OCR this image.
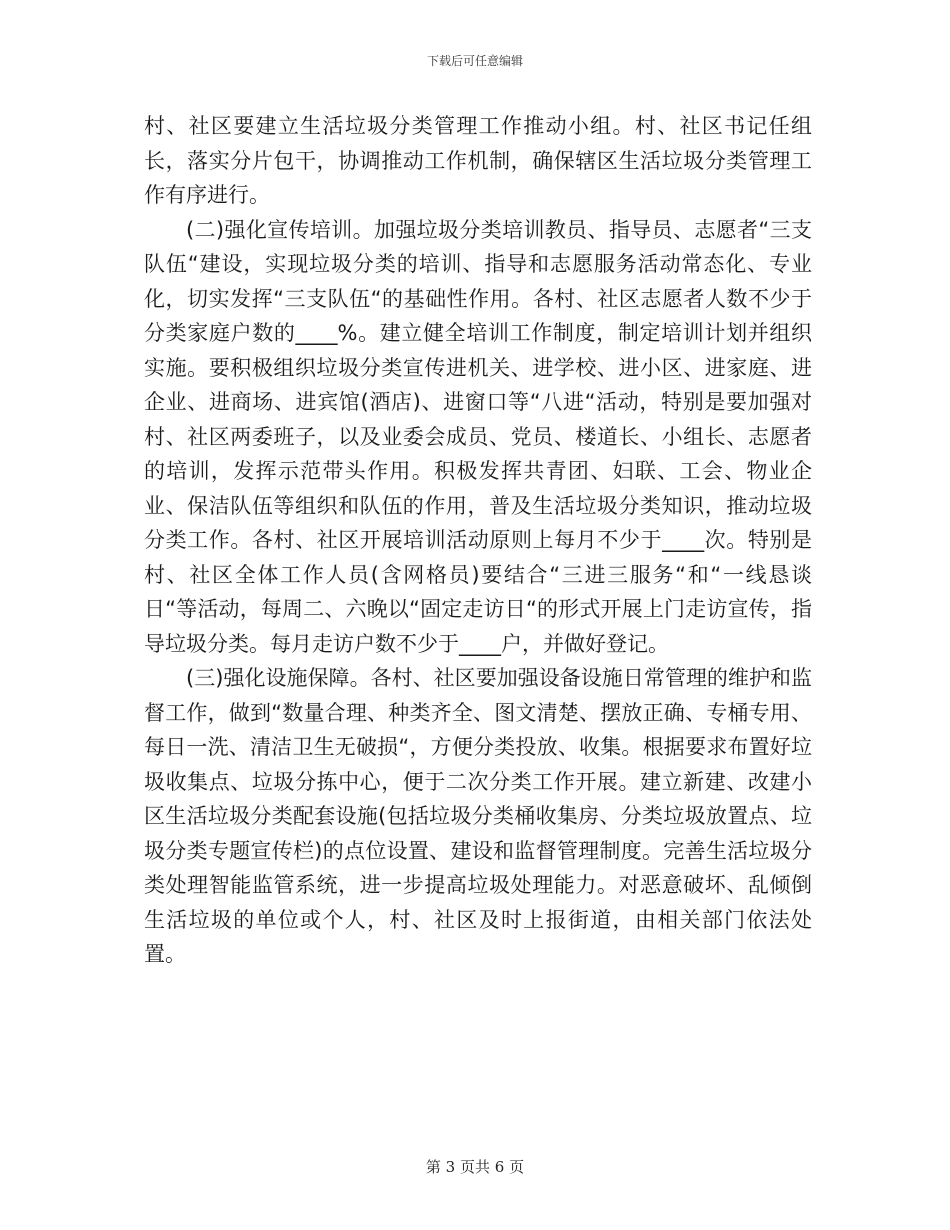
下载后可任意编辑

村、社区要建立生活垃圾分类管理工作推动小组。村、社区书记任组长，落实分片包干，协调推动工作机制，确保辖区生活垃圾分类管理工作有序进行。

(二)强化宣传培训。加强垃圾分类培训教员、指导员、志愿者“三支队伍“建设，实现垃圾分类的培训、指导和志愿服务活动常态化、专业化，切实发挥“三支队伍“的基础性作用。各村、社区志愿者人数不少于分类家庭户数的____%。建立健全培训工作制度，制定培训计划并组织实施。要积极组织垃圾分类宣传进机关、进学校、进小区、进家庭、进企业、进商场、进宾馆(酒店)、进窗口等“八进“活动，特别是要加强对村、社区两委班子，以及业委会成员、党员、楼道长、小组长、志愿者的培训，发挥示范带头作用。积极发挥共青团、妇联、工会、物业企业、保洁队伍等组织和队伍的作用，普及生活垃圾分类知识，推动垃圾分类工作。各村、社区开展培训活动原则上每月不少于____次。特别是村、社区全体工作人员(含网格员)要结合“三进三服务“和“一线恳谈日“等活动，每周二、六晚以“固定走访日“的形式开展上门走访宣传，指导垃圾分类。每月走访户数不少于____户，并做好登记。

(三)强化设施保障。各村、社区要加强设备设施日常管理的维护和监督工作，做到“数量合理、种类齐全、图文清楚、摆放正确、专桶专用、每日一洗、清洁卫生无破损“，方便分类投放、收集。根据要求布置好垃圾收集点、垃圾分拣中心，便于二次分类工作开展。建立新建、改建小区生活垃圾分类配套设施(包括垃圾分类桶收集房、分类垃圾放置点、垃圾分类专题宣传栏)的点位设置、建设和监督管理制度。完善生活垃圾分类处理智能监管系统，进一步提高垃圾处理能力。对恶意破坏、乱倾倒生活垃圾的单位或个人，村、社区及时上报街道，由相关部门依法处置。

第 3 页共 6 页
